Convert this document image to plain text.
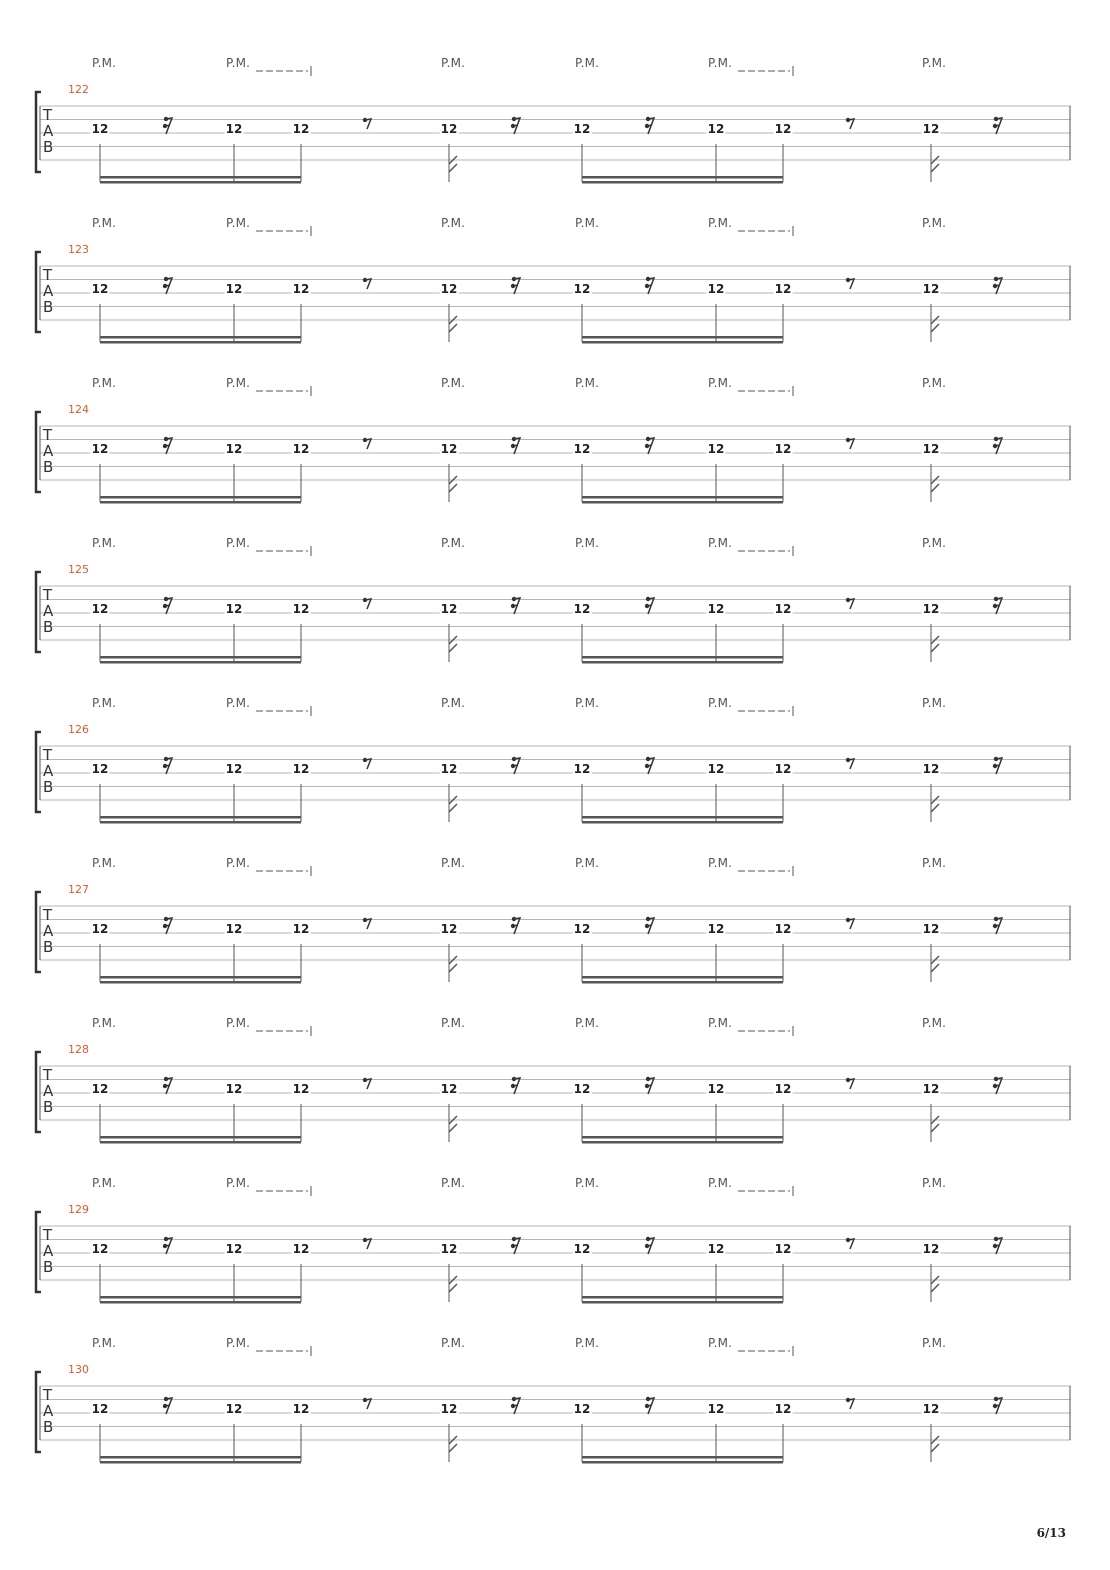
P.M.	P.M.	P.M.	P.M.	P.M.	P.M.
122
T
A
B
12	12	12	12	12	12	12	12
P.M.	P.M.	P.M.	P.M.	P.M.	P.M.
123
T
A
B
12	12	12	12	12	12	12	12
P.M.	P.M.	P.M.	P.M.	P.M.	P.M.
124
T
A
B
12	12	12	12	12	12	12	12
P.M.	P.M.	P.M.	P.M.	P.M.	P.M.
125
T
A
B
12	12	12	12	12	12	12	12
P.M.	P.M.	P.M.	P.M.	P.M.	P.M.
126
T
A
B
12	12	12	12	12	12	12	12
P.M.	P.M.	P.M.	P.M.	P.M.	P.M.
127
T
A
B
12	12	12	12	12	12	12	12
P.M.	P.M.	P.M.	P.M.	P.M.	P.M.
128
T
A
B
12	12	12	12	12	12	12	12
P.M.	P.M.	P.M.	P.M.	P.M.	P.M.
129
T
A
B
12	12	12	12	12	12	12	12
P.M.	P.M.	P.M.	P.M.	P.M.	P.M.
130
T
A
B
12	12	12	12	12	12	12	12
6/13
